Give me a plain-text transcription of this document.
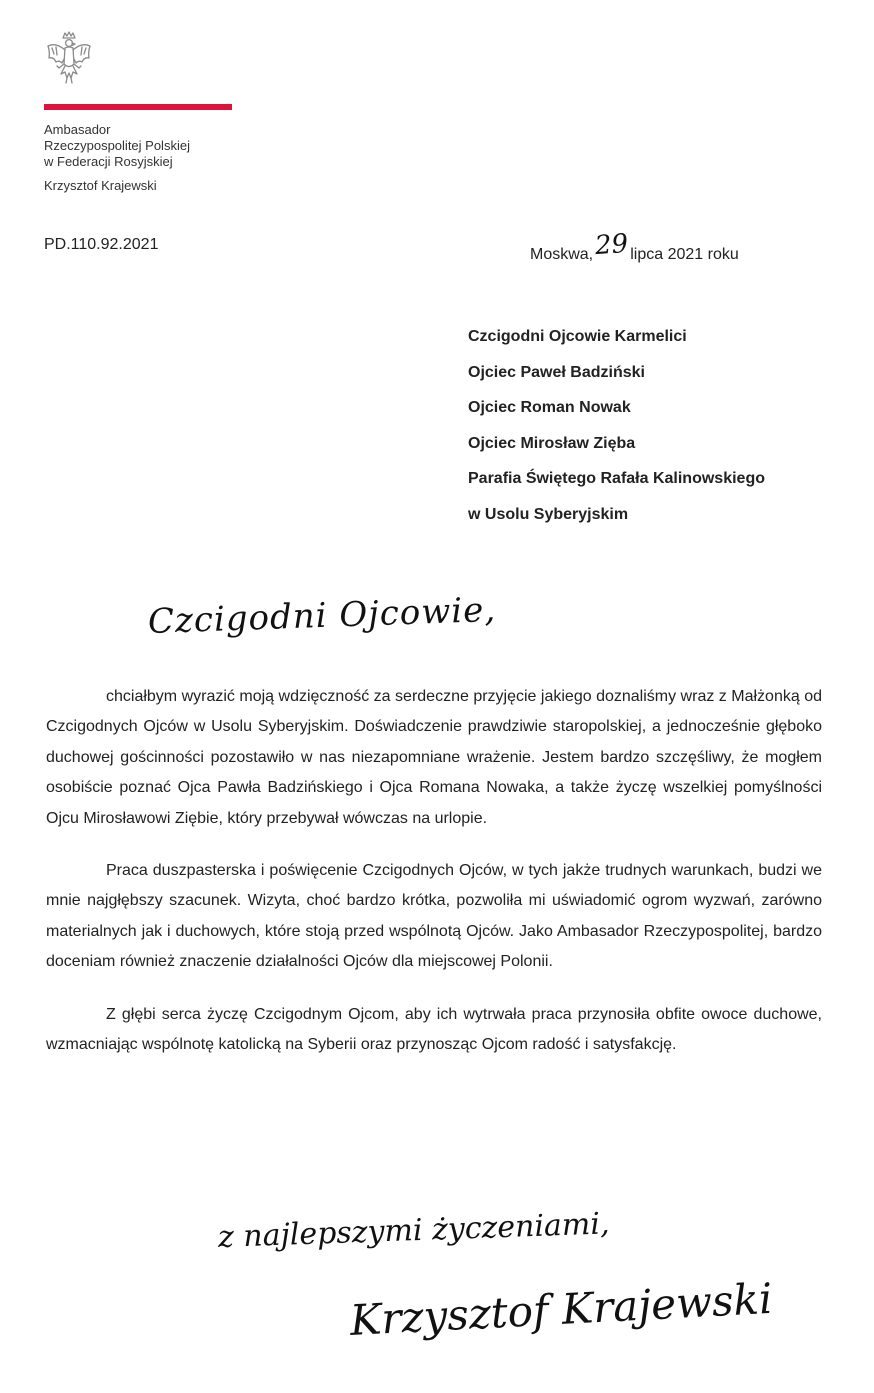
Ambasador
Rzeczypospolitej Polskiej
w Federacji Rosyjskiej
Krzysztof Krajewski
PD.110.92.2021
Moskwa,29lipca 2021 roku
Czcigodni Ojcowie Karmelici
Ojciec Paweł Badziński
Ojciec Roman Nowak
Ojciec Mirosław Zięba
Parafia Świętego Rafała Kalinowskiego
w Usolu Syberyjskim
Czcigodni Ojcowie,

chciałbym wyrazić moją wdzięczność za serdeczne przyjęcie jakiego doznaliśmy wraz z Małżonką od Czcigodnych Ojców w Usolu Syberyjskim. Doświadczenie prawdziwie staropolskiej, a jednocześnie głęboko duchowej gościnności pozostawiło w nas niezapomniane wrażenie. Jestem bardzo szczęśliwy, że mogłem osobiście poznać Ojca Pawła Badzińskiego i Ojca Romana Nowaka, a także życzę wszelkiej pomyślności Ojcu Mirosławowi Ziębie, który przebywał wówczas na urlopie.

Praca duszpasterska i poświęcenie Czcigodnych Ojców, w tych jakże trudnych warunkach, budzi we mnie najgłębszy szacunek. Wizyta, choć bardzo krótka, pozwoliła mi uświadomić ogrom wyzwań, zarówno materialnych jak i duchowych, które stoją przed wspólnotą Ojców. Jako Ambasador Rzeczypospolitej, bardzo doceniam również znaczenie działalności Ojców dla miejscowej Polonii.

Z głębi serca życzę Czcigodnym Ojcom, aby ich wytrwała praca przynosiła obfite owoce duchowe, wzmacniając wspólnotę katolicką na Syberii oraz przynosząc Ojcom radość i satysfakcję.

z najlepszymi życzeniami,
Krzysztof Krajewski
